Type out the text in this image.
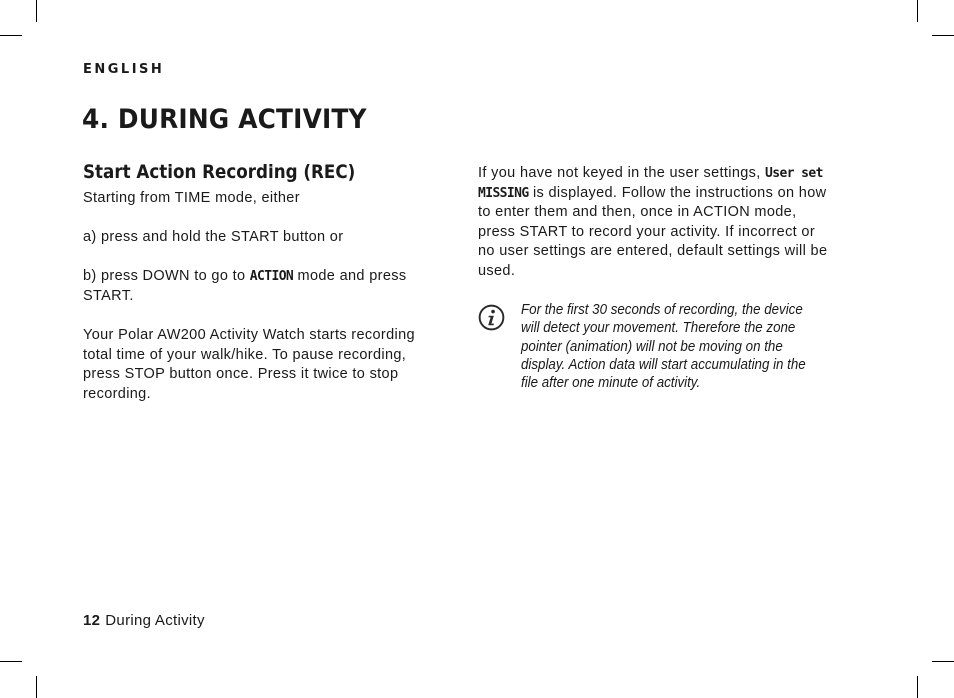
ENGLISH
4. DURING ACTIVITY
Start Action Recording (REC)

Starting from TIME mode, either

a) press and hold the START button or

b) press DOWN to go to ACTION mode and press START.

Your Polar AW200 Activity Watch starts recording total time of your walk/hike. To pause recording, press STOP button once. Press it twice to stop recording.

If you have not keyed in the user settings, User set MISSING is displayed. Follow the instructions on how to enter them and then, once in ACTION mode, press START to record your activity. If incorrect or no user settings are entered, default settings will be used.

For the first 30 seconds of recording, the device will detect your movement. Therefore the zone pointer (animation) will not be moving on the display. Action data will start accumulating in the file after one minute of activity.

12 During Activity
